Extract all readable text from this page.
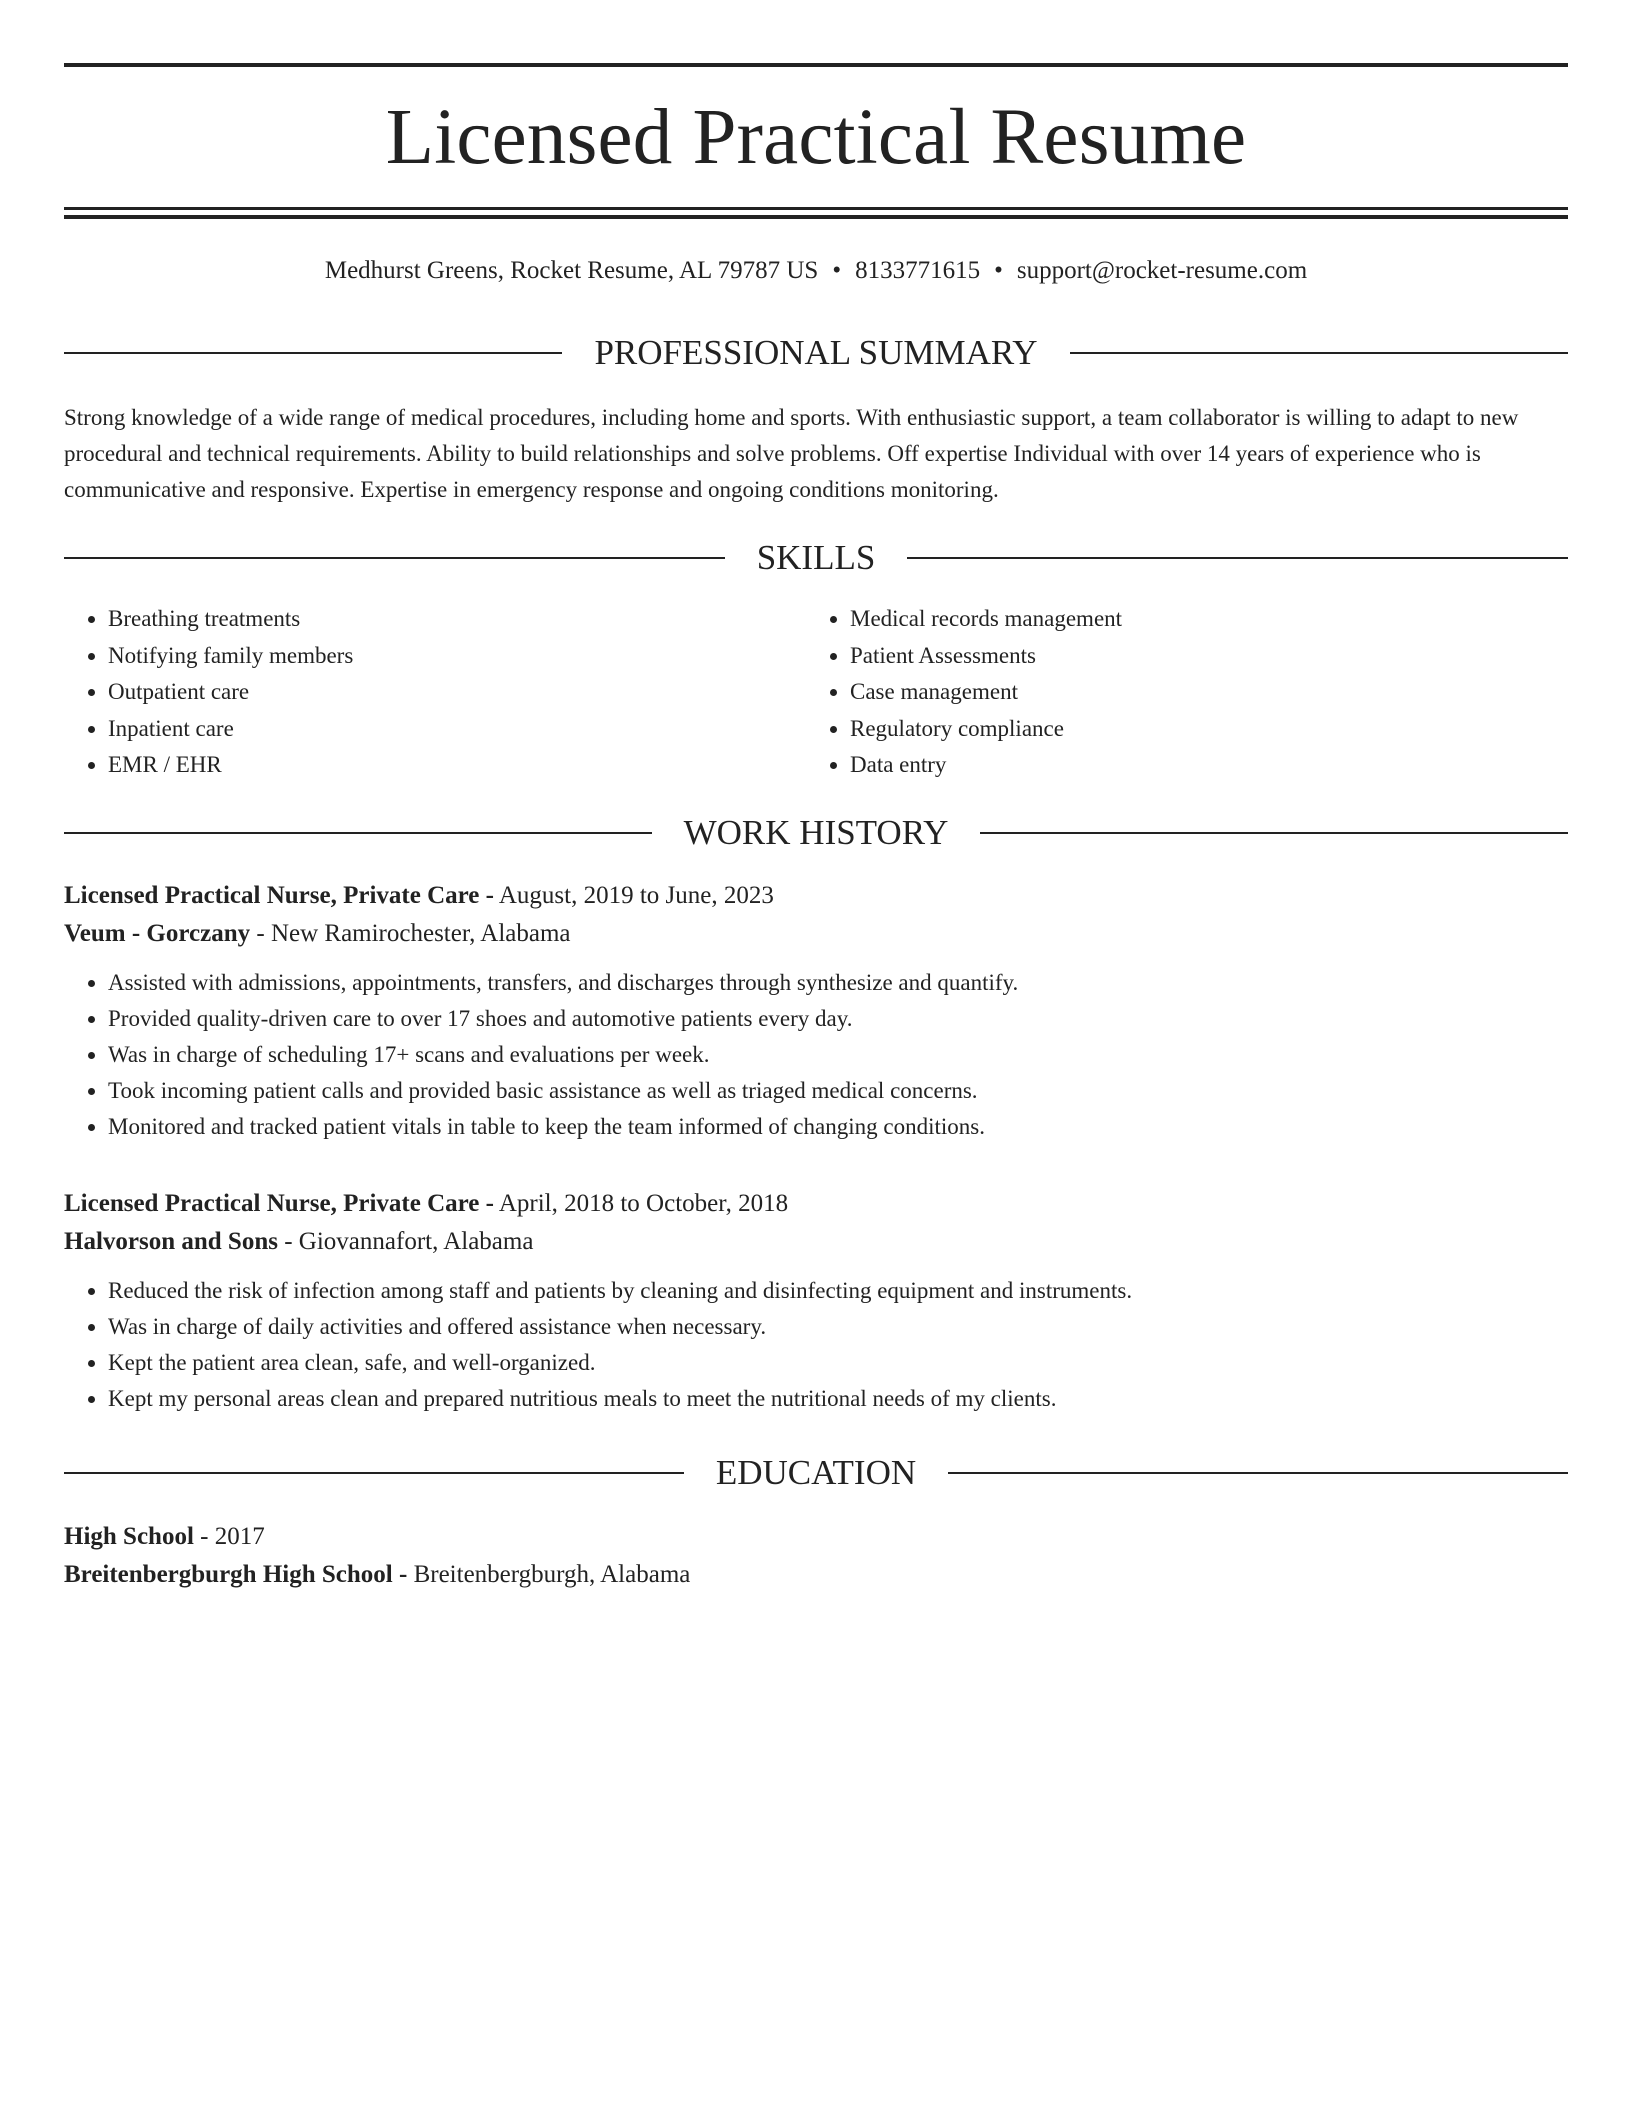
Licensed Practical Resume
Medhurst Greens, Rocket Resume, AL 79787 US • 8133771615 • support@rocket-resume.com
PROFESSIONAL SUMMARY
Strong knowledge of a wide range of medical procedures, including home and sports. With enthusiastic support, a team collaborator is willing to adapt to new procedural and technical requirements. Ability to build relationships and solve problems. Off expertise Individual with over 14 years of experience who is communicative and responsive. Expertise in emergency response and ongoing conditions monitoring.
SKILLS
• Breathing treatments
• Notifying family members
• Outpatient care
• Inpatient care
• EMR / EHR
• Medical records management
• Patient Assessments
• Case management
• Regulatory compliance
• Data entry
WORK HISTORY
Licensed Practical Nurse, Private Care - August, 2019 to June, 2023
Veum - Gorczany - New Ramirochester, Alabama
• Assisted with admissions, appointments, transfers, and discharges through synthesize and quantify.
• Provided quality-driven care to over 17 shoes and automotive patients every day.
• Was in charge of scheduling 17+ scans and evaluations per week.
• Took incoming patient calls and provided basic assistance as well as triaged medical concerns.
• Monitored and tracked patient vitals in table to keep the team informed of changing conditions.
Licensed Practical Nurse, Private Care - April, 2018 to October, 2018
Halvorson and Sons - Giovannafort, Alabama
• Reduced the risk of infection among staff and patients by cleaning and disinfecting equipment and instruments.
• Was in charge of daily activities and offered assistance when necessary.
• Kept the patient area clean, safe, and well-organized.
• Kept my personal areas clean and prepared nutritious meals to meet the nutritional needs of my clients.
EDUCATION
High School - 2017
Breitenbergburgh High School - Breitenbergburgh, Alabama
